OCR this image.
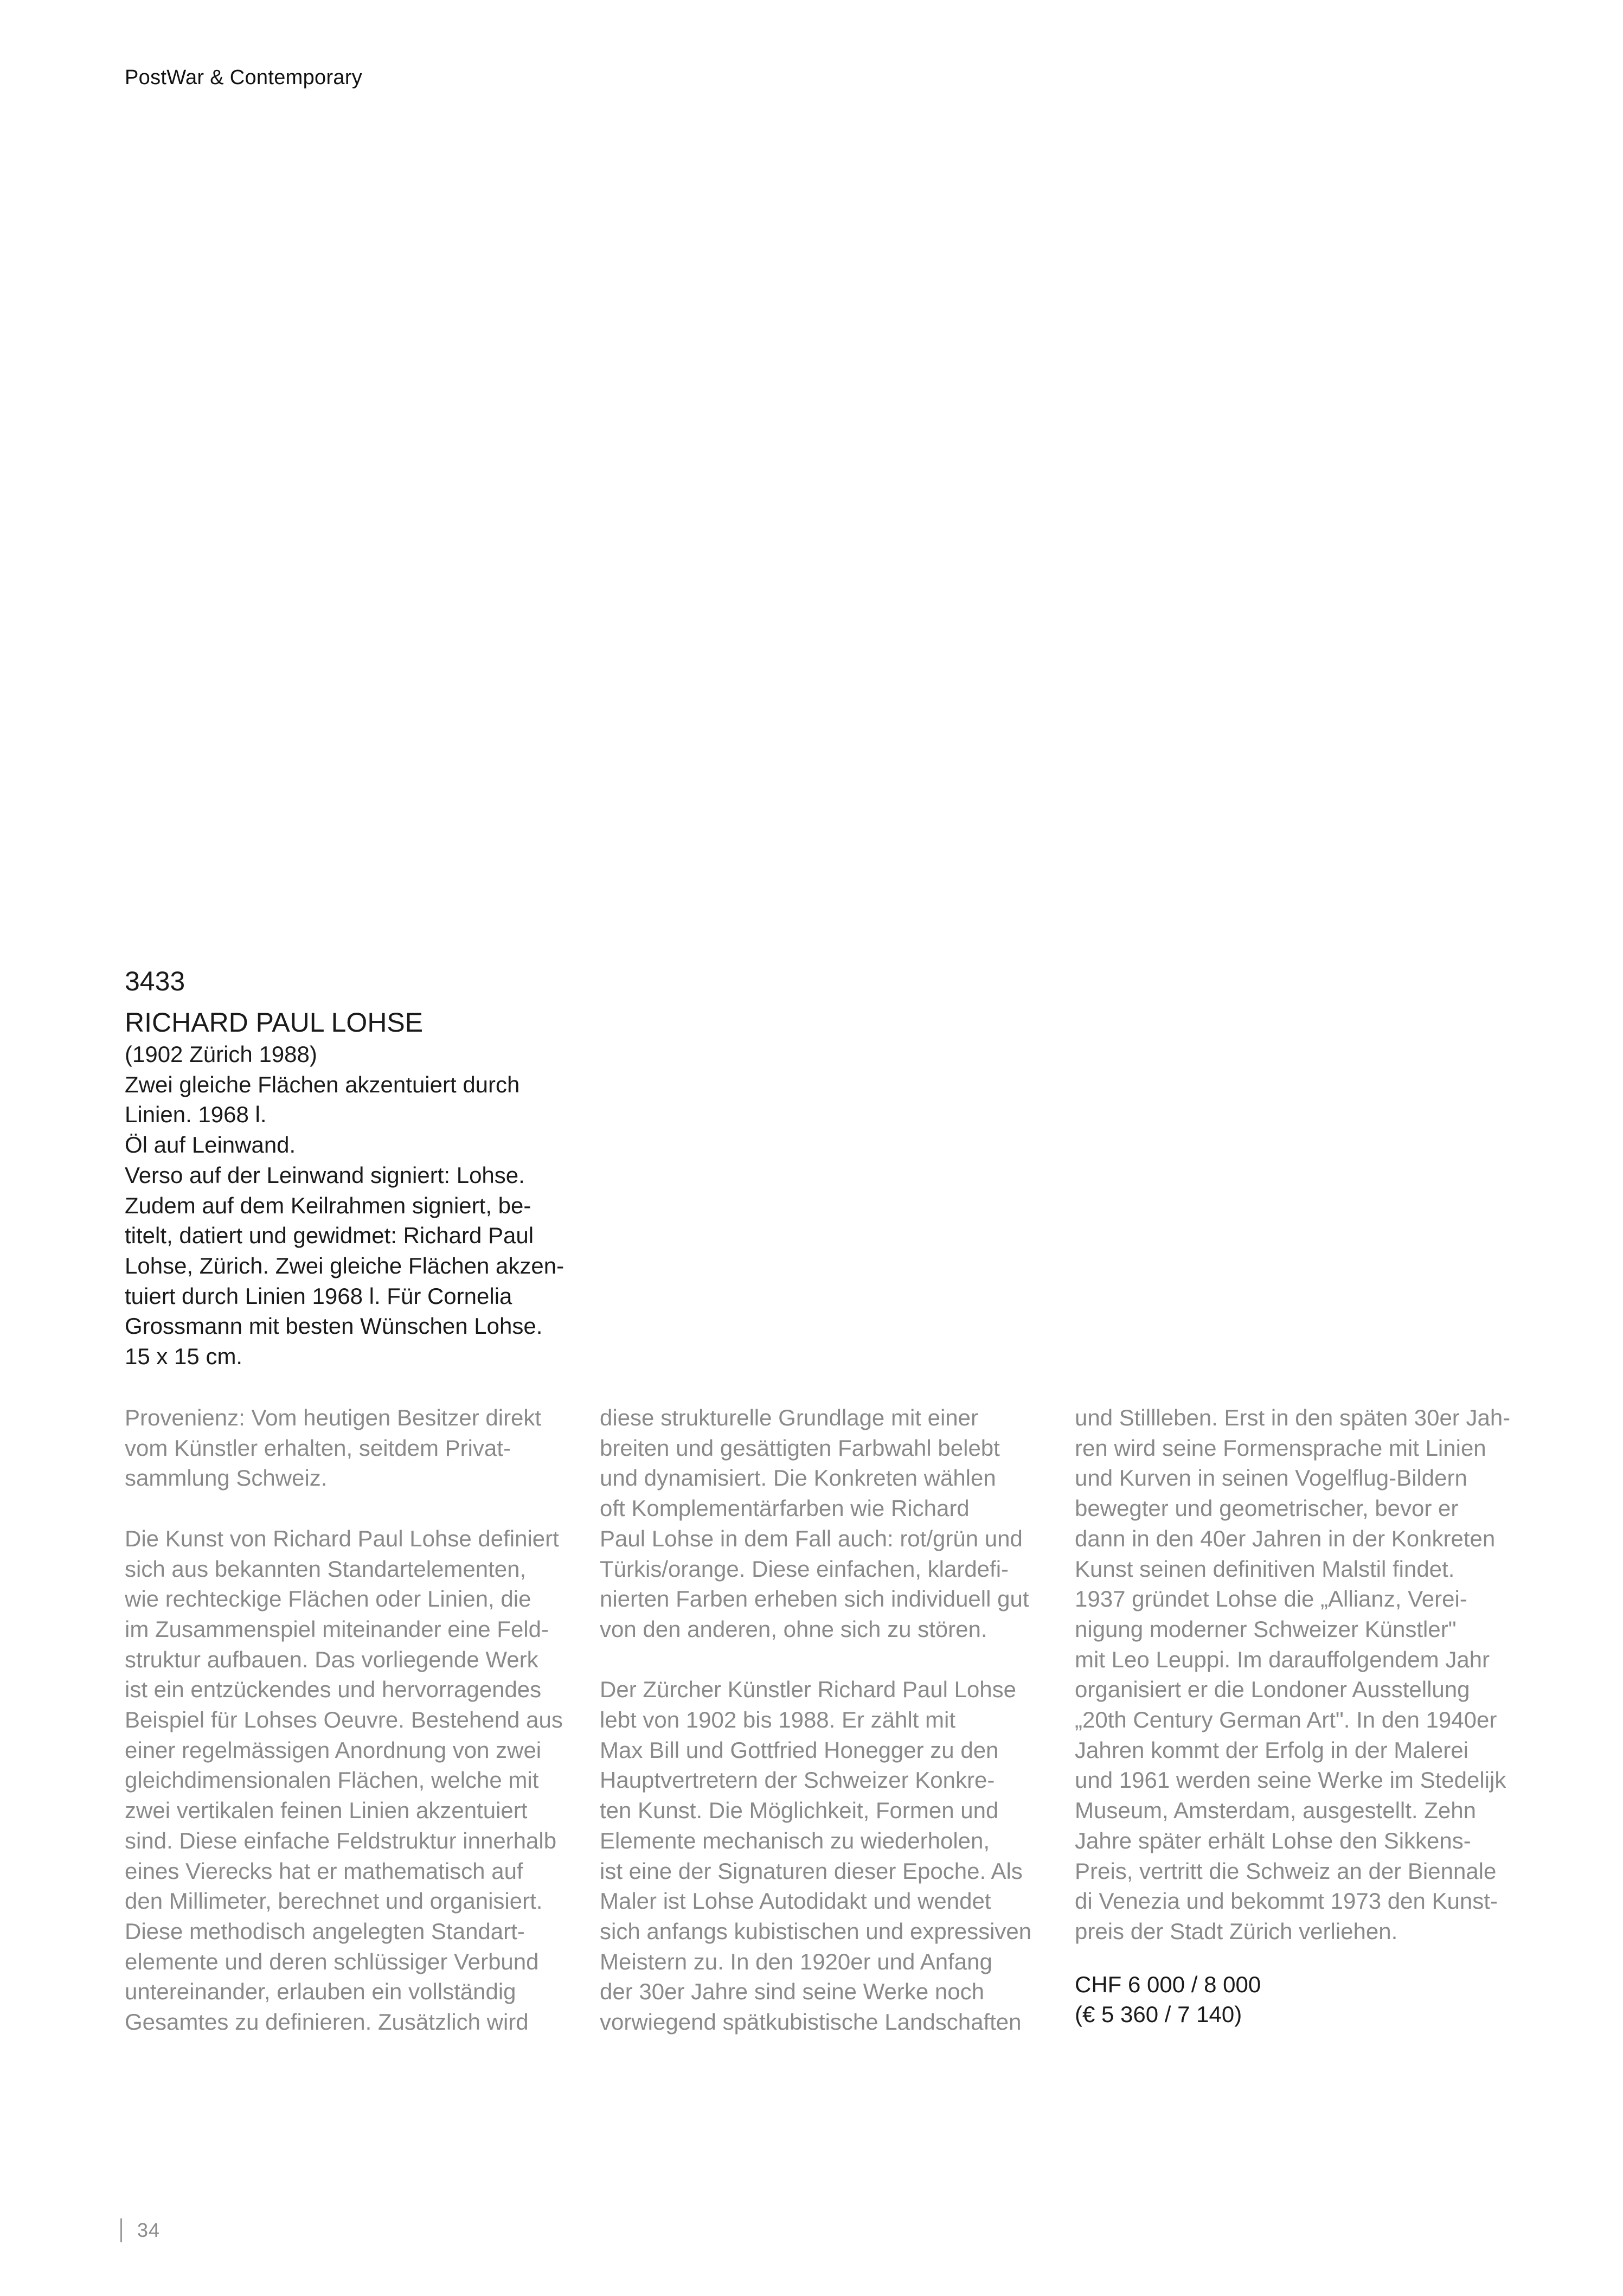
PostWar & Contemporary
3433
RICHARD PAUL LOHSE

(1902 Zürich 1988)

Zwei gleiche Flächen akzentuiert durch

Linien. 1968 l.

Öl auf Leinwand.

Verso auf der Leinwand signiert: Lohse.

Zudem auf dem Keilrahmen signiert, be-

titelt, datiert und gewidmet: Richard Paul

Lohse, Zürich. Zwei gleiche Flächen akzen-

tuiert durch Linien 1968 l. Für Cornelia

Grossmann mit besten Wünschen Lohse.

15 x 15 cm.

Provenienz: Vom heutigen Besitzer direkt

vom Künstler erhalten, seitdem Privat-

sammlung Schweiz.

Die Kunst von Richard Paul Lohse definiert

sich aus bekannten Standartelementen,

wie rechteckige Flächen oder Linien, die

im Zusammenspiel miteinander eine Feld-

struktur aufbauen. Das vorliegende Werk

ist ein entzückendes und hervorragendes

Beispiel für Lohses Oeuvre. Bestehend aus

einer regelmässigen Anordnung von zwei

gleichdimensionalen Flächen, welche mit

zwei vertikalen feinen Linien akzentuiert

sind. Diese einfache Feldstruktur innerhalb

eines Vierecks hat er mathematisch auf

den Millimeter, berechnet und organisiert.

Diese methodisch angelegten Standart-

elemente und deren schlüssiger Verbund

untereinander, erlauben ein vollständig

Gesamtes zu definieren. Zusätzlich wird

diese strukturelle Grundlage mit einer

breiten und gesättigten Farbwahl belebt

und dynamisiert. Die Konkreten wählen

oft Komplementärfarben wie Richard

Paul Lohse in dem Fall auch: rot/grün und

Türkis/orange. Diese einfachen, klardefi-

nierten Farben erheben sich individuell gut

von den anderen, ohne sich zu stören.

Der Zürcher Künstler Richard Paul Lohse

lebt von 1902 bis 1988. Er zählt mit

Max Bill und Gottfried Honegger zu den

Hauptvertretern der Schweizer Konkre-

ten Kunst. Die Möglichkeit, Formen und

Elemente mechanisch zu wiederholen,

ist eine der Signaturen dieser Epoche. Als

Maler ist Lohse Autodidakt und wendet

sich anfangs kubistischen und expressiven

Meistern zu. In den 1920er und Anfang

der 30er Jahre sind seine Werke noch

vorwiegend spätkubistische Landschaften

und Stillleben. Erst in den späten 30er Jah-

ren wird seine Formensprache mit Linien

und Kurven in seinen Vogelflug-Bildern

bewegter und geometrischer, bevor er

dann in den 40er Jahren in der Konkreten

Kunst seinen definitiven Malstil findet.

1937 gründet Lohse die „Allianz, Verei-

nigung moderner Schweizer Künstler"

mit Leo Leuppi. Im darauffolgendem Jahr

organisiert er die Londoner Ausstellung

„20th Century German Art". In den 1940er

Jahren kommt der Erfolg in der Malerei

und 1961 werden seine Werke im Stedelijk

Museum, Amsterdam, ausgestellt. Zehn

Jahre später erhält Lohse den Sikkens-

Preis, vertritt die Schweiz an der Biennale

di Venezia und bekommt 1973 den Kunst-

preis der Stadt Zürich verliehen.

CHF 6 000 / 8 000

(€ 5 360 / 7 140)

34
